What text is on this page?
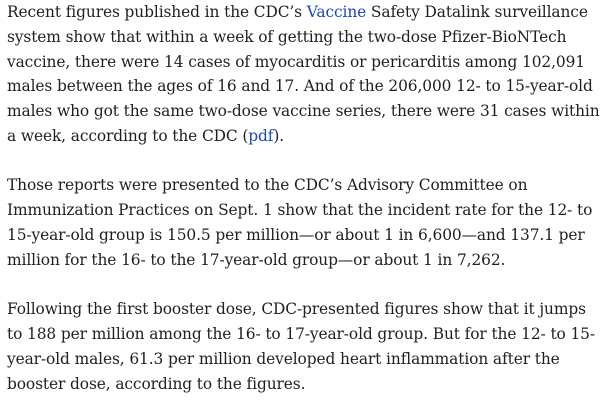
Recent figures published in the CDC’s Vaccine Safety Datalink surveillance system show that within a week of getting the two-dose Pfizer-BioNTech vaccine, there were 14 cases of myocarditis or pericarditis among 102,091 males between the ages of 16 and 17. And of the 206,000 12- to 15-year-old males who got the same two-dose vaccine series, there were 31 cases within a week, according to the CDC (pdf).

Those reports were presented to the CDC’s Advisory Committee on Immunization Practices on Sept. 1 show that the incident rate for the 12- to 15-year-old group is 150.5 per million—or about 1 in 6,600—and 137.1 per million for the 16- to the 17-year-old group—or about 1 in 7,262.

Following the first booster dose, CDC-presented figures show that it jumps to 188 per million among the 16- to 17-year-old group. But for the 12- to 15-year-old males, 61.3 per million developed heart inflammation after the booster dose, according to the figures.
